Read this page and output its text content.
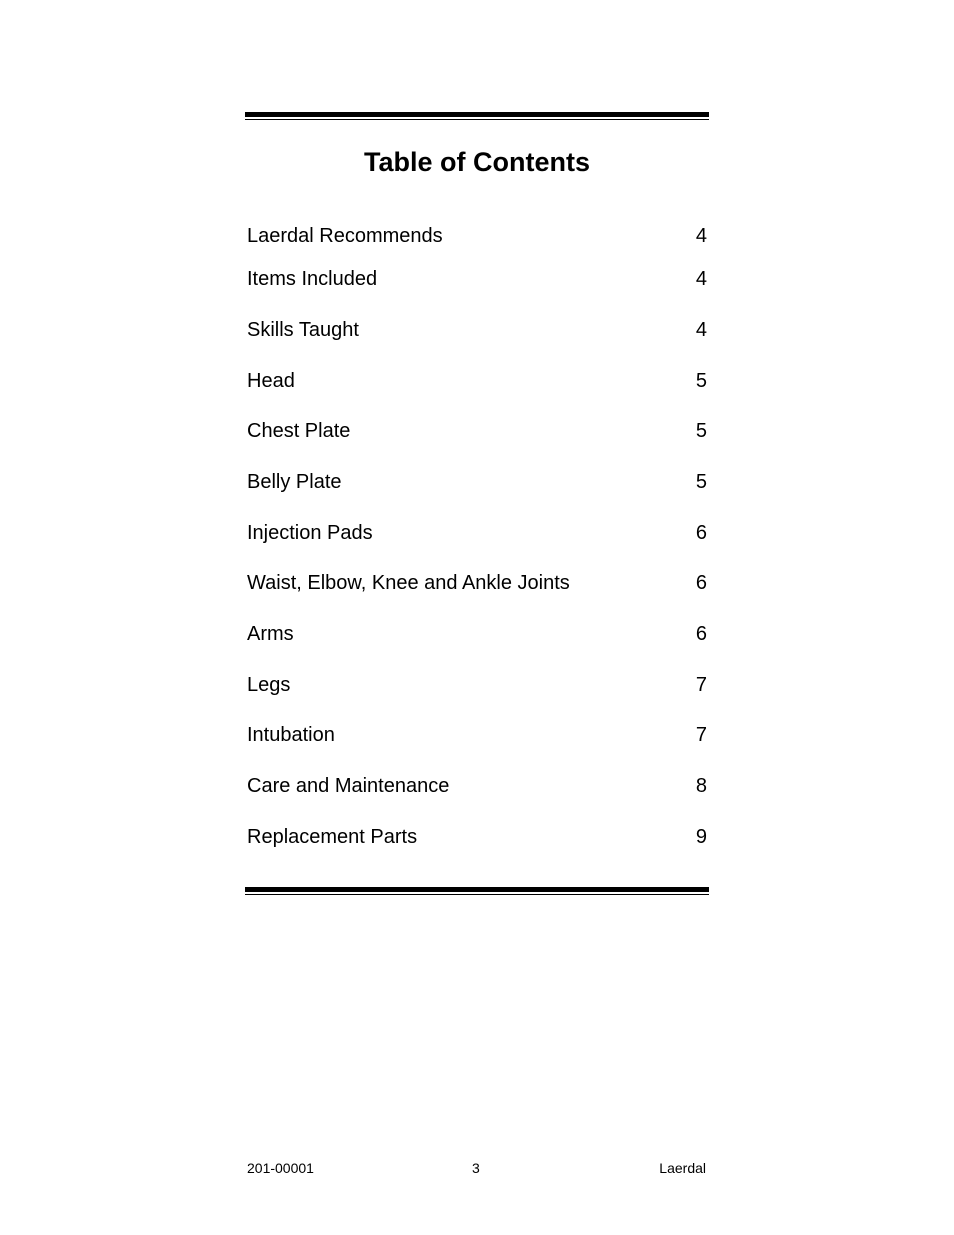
Table of Contents
Laerdal Recommends	4
Items Included	4
Skills Taught	4
Head	5
Chest Plate	5
Belly Plate	5
Injection Pads	6
Waist, Elbow, Knee and Ankle Joints	6
Arms	6
Legs	7
Intubation	7
Care and Maintenance	8
Replacement Parts	9
201-00001	3	Laerdal
